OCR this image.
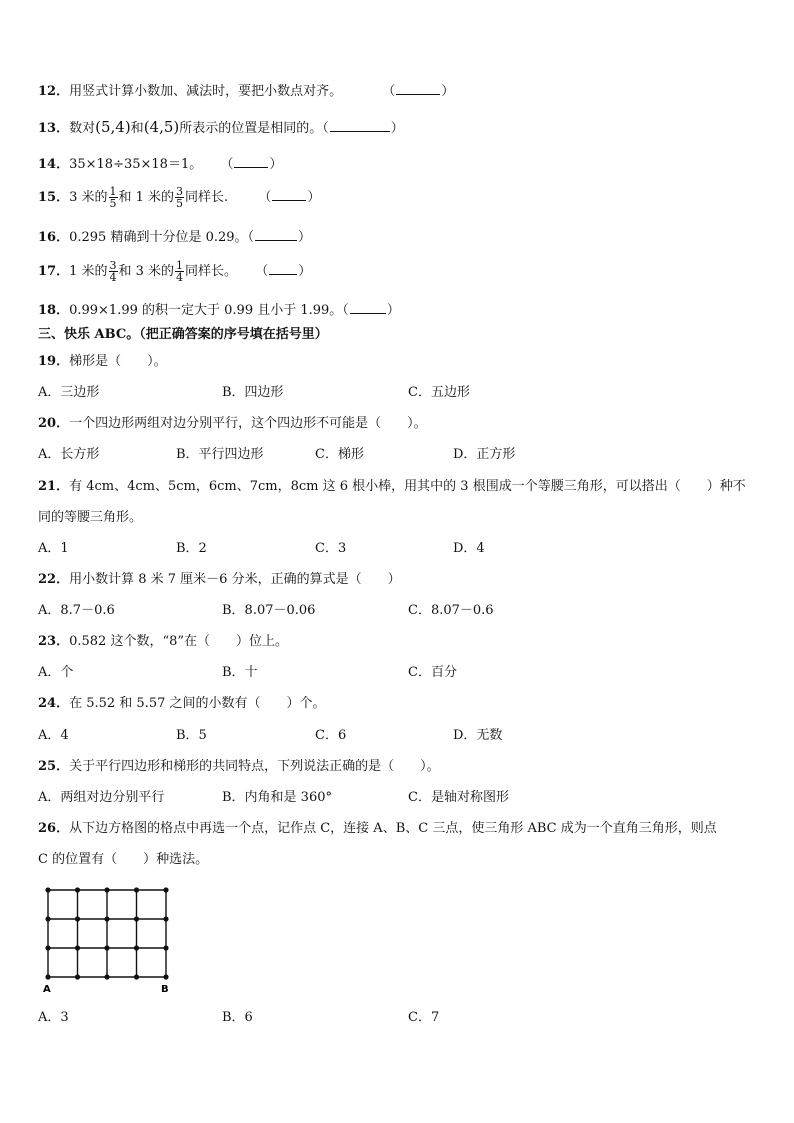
12．用竖式计算小数加、减法时，要把小数点对齐。	（	）
13．数对(5,4)和(4,5)所表示的位置是相同的。（	）
14．35×18÷35×18＝1。 （	）
15．3 米的 $\frac{1}{5}$ 和 1 米的 $\frac{3}{5}$ 同样长. （	）
16．0.295 精确到十分位是 0.29。（	）
17．1 米的 $\frac{3}{4}$ 和 3 米的 $\frac{1}{4}$ 同样长。 （ ）
18．0.99×1.99 的积一定大于 0.99 且小于 1.99。（	）
三、快乐 ABC。（把正确答案的序号填在括号里）
19．梯形是（　　）。
A．三边形	B．四边形	C．五边形
20．一个四边形两组对边分别平行，这个四边形不可能是（　　）。
A．长方形	B．平行四边形	C．梯形	D．正方形
21．有 4cm、4cm、5cm，6cm、7cm，8cm 这 6 根小棒，用其中的 3 根围成一个等腰三角形，可以搭出（　　）种不
同的等腰三角形。
A．1	B．2	C．3	D．4
22．用小数计算 8 米 7 厘米－6 分米，正确的算式是（　　）
A．8.7－0.6	B．8.07－0.06	C．8.07－0.6
23．0.582 这个数，“8”在（　　）位上。
A．个	B．十	C．百分
24．在 5.52 和 5.57 之间的小数有（　　）个。
A．4	B．5	C．6	D．无数
25．关于平行四边形和梯形的共同特点，下列说法正确的是（　　）。
A．两组对边分别平行	B．内角和是 360°	C．是轴对称图形
26．从下边方格图的格点中再选一个点，记作点 C，连接 A、B、C 三点，使三角形 ABC 成为一个直角三角形，则点
C 的位置有（　　）种选法。
A	B
A．3	B．6	C．7
